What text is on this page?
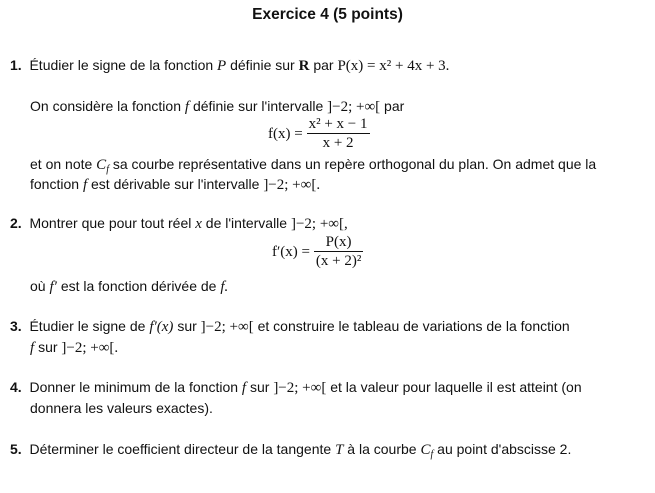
Exercice 4 (5 points)
1. Étudier le signe de la fonction P définie sur R par P(x) = x² + 4x + 3.
On considère la fonction f définie sur l'intervalle ]−2; +∞[ par
$f(x) = \frac{\text{x² + x − 1}}{x + 2}$
et on note $C_f$ sa courbe représentative dans un repère orthogonal du plan. On admet que la
fonction f est dérivable sur l'intervalle ]−2; +∞[.
2. Montrer que pour tout réel x de l'intervalle ]−2; +∞[,
$f'(x) = \frac{P(x)}{\text{(x + 2)²}}$
où f′ est la fonction dérivée de f.
3. Étudier le signe de f′(x) sur ]−2; +∞[ et construire le tableau de variations de la fonction
f sur ]−2; +∞[.
4. Donner le minimum de la fonction f sur ]−2; +∞[ et la valeur pour laquelle il est atteint (on
donnera les valeurs exactes).
5. Déterminer le coefficient directeur de la tangente T à la courbe $C_f$ au point d'abscisse 2.
